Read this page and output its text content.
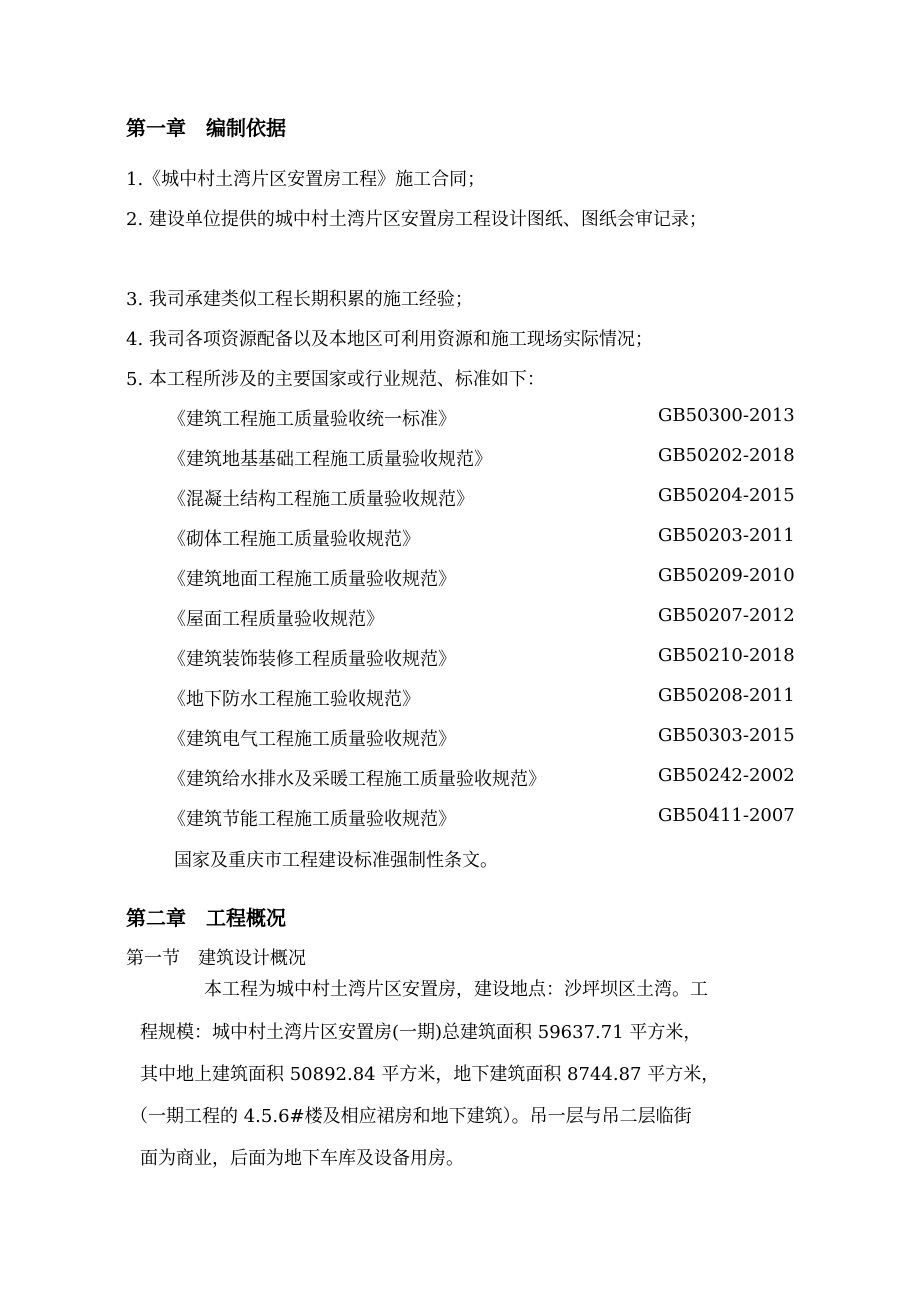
第一章　编制依据
1.《城中村土湾片区安置房工程》施工合同；
2. 建设单位提供的城中村土湾片区安置房工程设计图纸、图纸会审记录；
3. 我司承建类似工程长期积累的施工经验；
4. 我司各项资源配备以及本地区可利用资源和施工现场实际情况；
5. 本工程所涉及的主要国家或行业规范、标准如下：
《建筑工程施工质量验收统一标准》	GB50300-2013
《建筑地基基础工程施工质量验收规范》	GB50202-2018
《混凝土结构工程施工质量验收规范》	GB50204-2015
《砌体工程施工质量验收规范》	GB50203-2011
《建筑地面工程施工质量验收规范》	GB50209-2010
《屋面工程质量验收规范》	GB50207-2012
《建筑装饰装修工程质量验收规范》	GB50210-2018
《地下防水工程施工验收规范》	GB50208-2011
《建筑电气工程施工质量验收规范》	GB50303-2015
《建筑给水排水及采暖工程施工质量验收规范》	GB50242-2002
《建筑节能工程施工质量验收规范》	GB50411-2007
国家及重庆市工程建设标准强制性条文。
第二章　工程概况
第一节　建筑设计概况
本工程为城中村土湾片区安置房，建设地点：沙坪坝区土湾。工
程规模：城中村土湾片区安置房(一期)总建筑面积 59637.71 平方米，
其中地上建筑面积 50892.84 平方米，地下建筑面积 8744.87 平方米，
（一期工程的 4.5.6#楼及相应裙房和地下建筑）。吊一层与吊二层临街
面为商业，后面为地下车库及设备用房。
